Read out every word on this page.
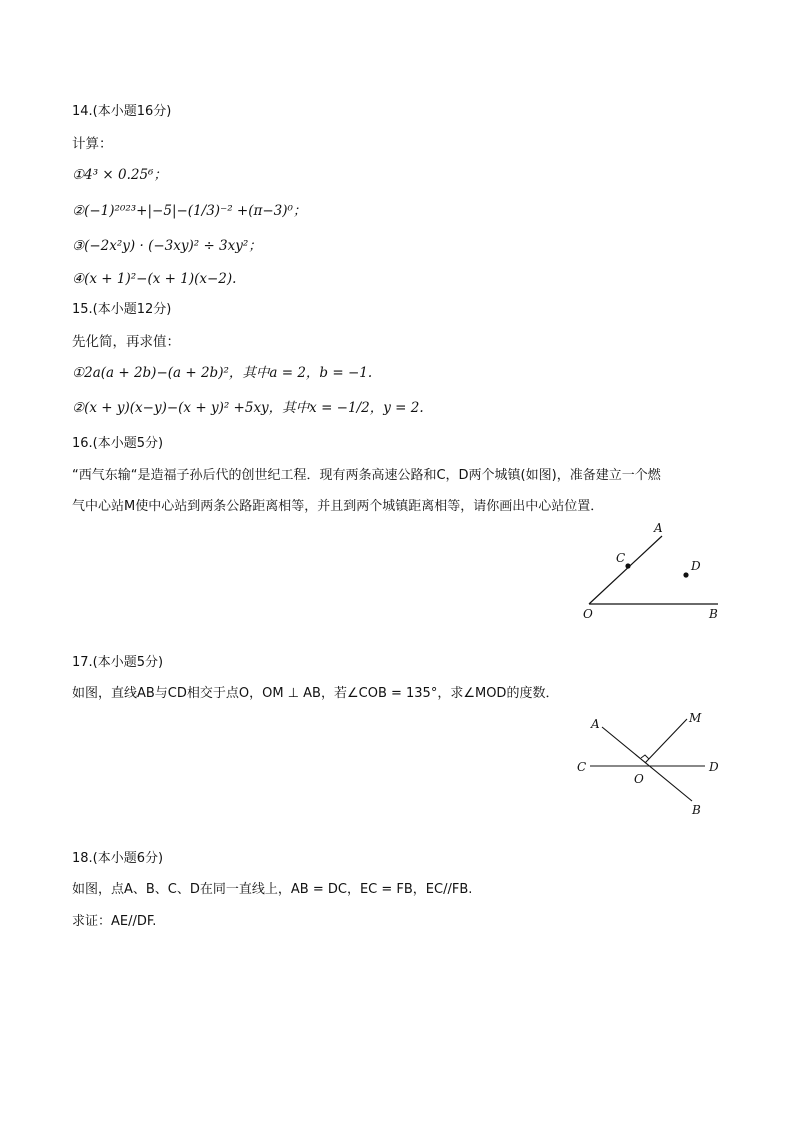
14.(本小题16分)
计算：
①4³ × 0.25⁶；
②(−1)²⁰²³+|−5|−(1/3)⁻² +(π−3)⁰；
③(−2x²y) · (−3xy)² ÷ 3xy²；
④(x + 1)²−(x + 1)(x−2).
15.(本小题12分)
先化简，再求值：
①2a(a + 2b)−(a + 2b)²，其中a = 2，b = −1.
②(x + y)(x−y)−(x + y)² +5xy，其中x = −1/2，y = 2.
16.(本小题5分)
“西气东输“是造福子孙后代的创世纪工程．现有两条高速公路和C，D两个城镇(如图)，准备建立一个燃
气中心站M使中心站到两条公路距离相等，并且到两个城镇距离相等，请你画出中心站位置．
A
C
D
O	B
17.(本小题5分)
如图，直线AB与CD相交于点O，OM ⊥ AB，若∠COB = 135°，求∠MOD的度数．
A	M
C	D
O
B
18.(本小题6分)
如图，点A、B、C、D在同一直线上，AB = DC，EC = FB，EC//FB.
求证：AE//DF.
